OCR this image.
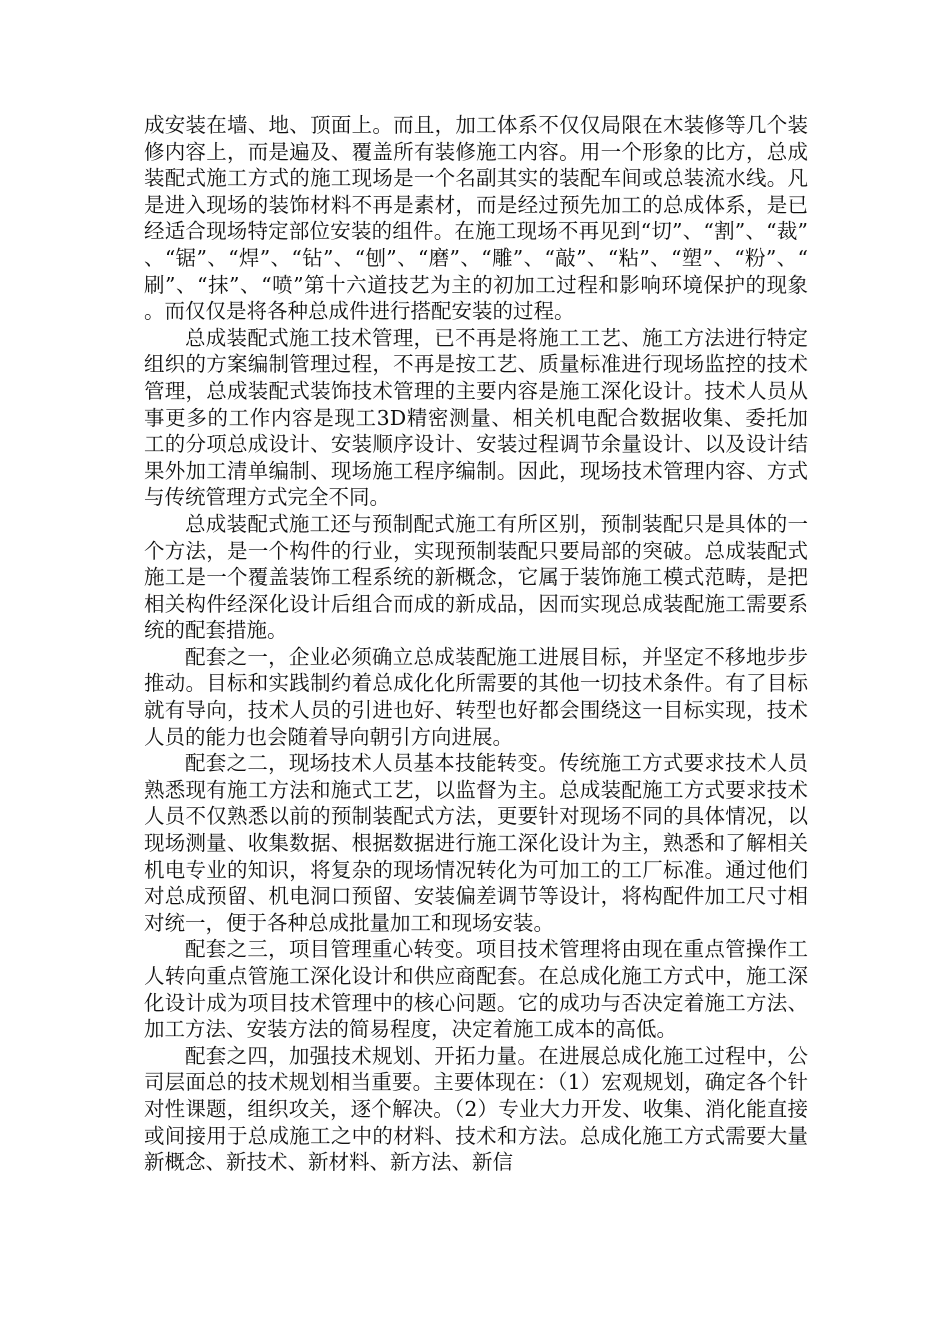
成安装在墙、地、顶面上。而且，加工体系不仅仅局限在木装修等几个装修内容上，而是遍及、覆盖所有装修施工内容。用一个形象的比方，总成装配式施工方式的施工现场是一个名副其实的装配车间或总装流水线。凡是进入现场的装饰材料不再是素材，而是经过预先加工的总成体系，是已经适合现场特定部位安装的组件。在施工现场不再见到“切”、“割”、“裁”、“锯”、“焊”、“钻”、“刨”、“磨”、“雕”、“敲”、“粘”、“塑”、“粉”、“刷”、“抹”、“喷”第十六道技艺为主的初加工过程和影响环境保护的现象。而仅仅是将各种总成件进行搭配安装的过程。

总成装配式施工技术管理，已不再是将施工工艺、施工方法进行特定组织的方案编制管理过程，不再是按工艺、质量标准进行现场监控的技术管理，总成装配式装饰技术管理的主要内容是施工深化设计。技术人员从事更多的工作内容是现工3D精密测量、相关机电配合数据收集、委托加工的分项总成设计、安装顺序设计、安装过程调节余量设计、以及设计结果外加工清单编制、现场施工程序编制。因此，现场技术管理内容、方式与传统管理方式完全不同。

总成装配式施工还与预制配式施工有所区别，预制装配只是具体的一个方法，是一个构件的行业，实现预制装配只要局部的突破。总成装配式施工是一个覆盖装饰工程系统的新概念，它属于装饰施工模式范畴，是把相关构件经深化设计后组合而成的新成品，因而实现总成装配施工需要系统的配套措施。

配套之一，企业必须确立总成装配施工进展目标，并坚定不移地步步推动。目标和实践制约着总成化化所需要的其他一切技术条件。有了目标就有导向，技术人员的引进也好、转型也好都会围绕这一目标实现，技术人员的能力也会随着导向朝引方向进展。

配套之二，现场技术人员基本技能转变。传统施工方式要求技术人员熟悉现有施工方法和施式工艺，以监督为主。总成装配施工方式要求技术人员不仅熟悉以前的预制装配式方法，更要针对现场不同的具体情况，以现场测量、收集数据、根据数据进行施工深化设计为主，熟悉和了解相关机电专业的知识，将复杂的现场情况转化为可加工的工厂标准。通过他们对总成预留、机电洞口预留、安装偏差调节等设计，将构配件加工尺寸相对统一，便于各种总成批量加工和现场安装。

配套之三，项目管理重心转变。项目技术管理将由现在重点管操作工人转向重点管施工深化设计和供应商配套。在总成化施工方式中，施工深化设计成为项目技术管理中的核心问题。它的成功与否决定着施工方法、加工方法、安装方法的简易程度，决定着施工成本的高低。

配套之四，加强技术规划、开拓力量。在进展总成化施工过程中，公司层面总的技术规划相当重要。主要体现在：（1）宏观规划，确定各个针对性课题，组织攻关，逐个解决。（2）专业大力开发、收集、消化能直接或间接用于总成施工之中的材料、技术和方法。总成化施工方式需要大量新概念、新技术、新材料、新方法、新信
